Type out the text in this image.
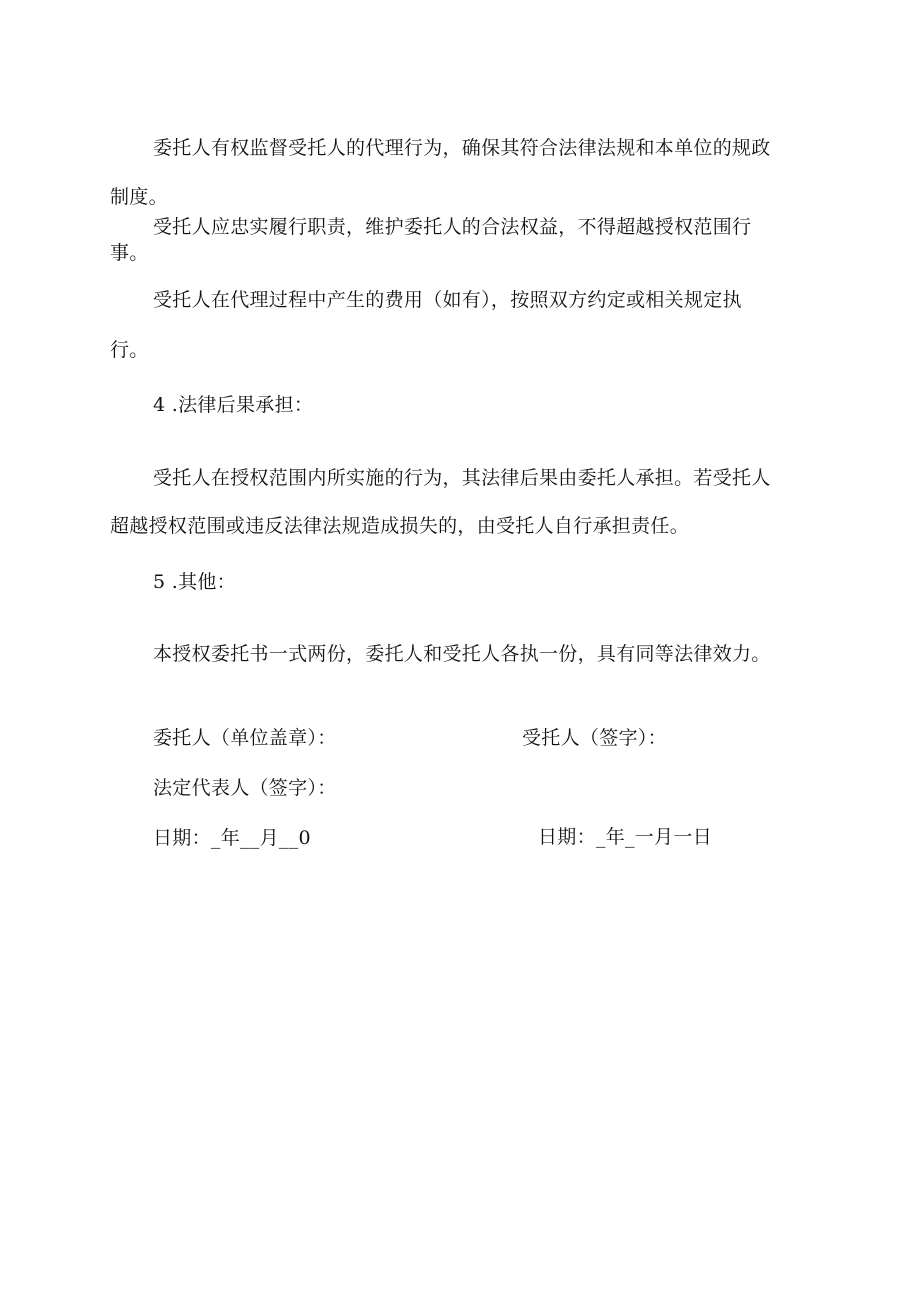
委托人有权监督受托人的代理行为，确保其符合法律法规和本单位的规政
制度。
受托人应忠实履行职责，维护委托人的合法权益，不得超越授权范围行
事。
受托人在代理过程中产生的费用（如有），按照双方约定或相关规定执
行。
4 .法律后果承担：
受托人在授权范围内所实施的行为，其法律后果由委托人承担。若受托人
超越授权范围或违反法律法规造成损失的，由受托人自行承担责任。
5 .其他：
本授权委托书一式两份，委托人和受托人各执一份，具有同等法律效力。
委托人（单位盖章）：	受托人（签字）：
法定代表人（签字）：
日期：_年__月__0	日期：_年_一月一日
